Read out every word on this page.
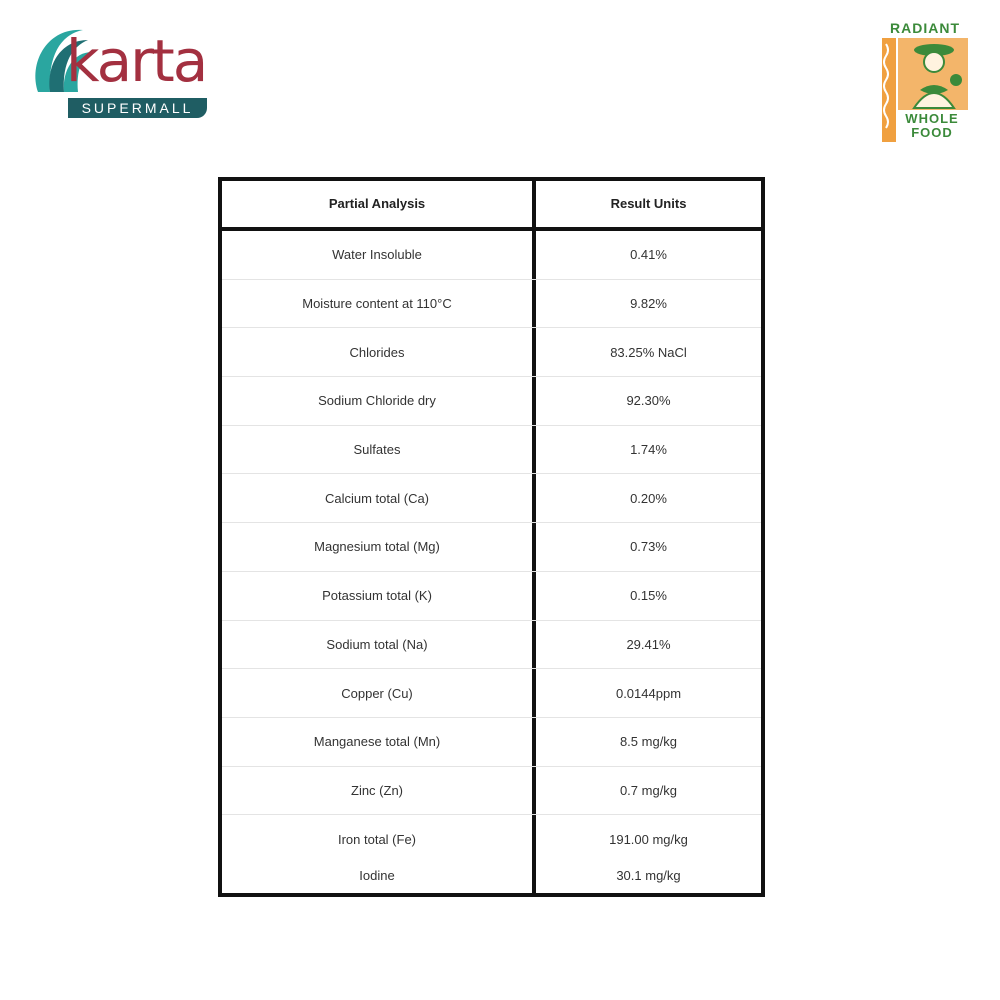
karta
SUPERMALL
RADIANT
WHOLE
FOOD
Partial Analysis	Result Units
Water Insoluble	0.41%
Moisture content at 110°C	9.82%
Chlorides	83.25% NaCl
Sodium Chloride dry	92.30%
Sulfates	1.74%
Calcium total (Ca)	0.20%
Magnesium total (Mg)	0.73%
Potassium total (K)	0.15%
Sodium total (Na)	29.41%
Copper (Cu)	0.0144ppm
Manganese total (Mn)	8.5 mg/kg
Zinc (Zn)	0.7 mg/kg
Iron total (Fe)	191.00 mg/kg
Iodine	30.1 mg/kg
